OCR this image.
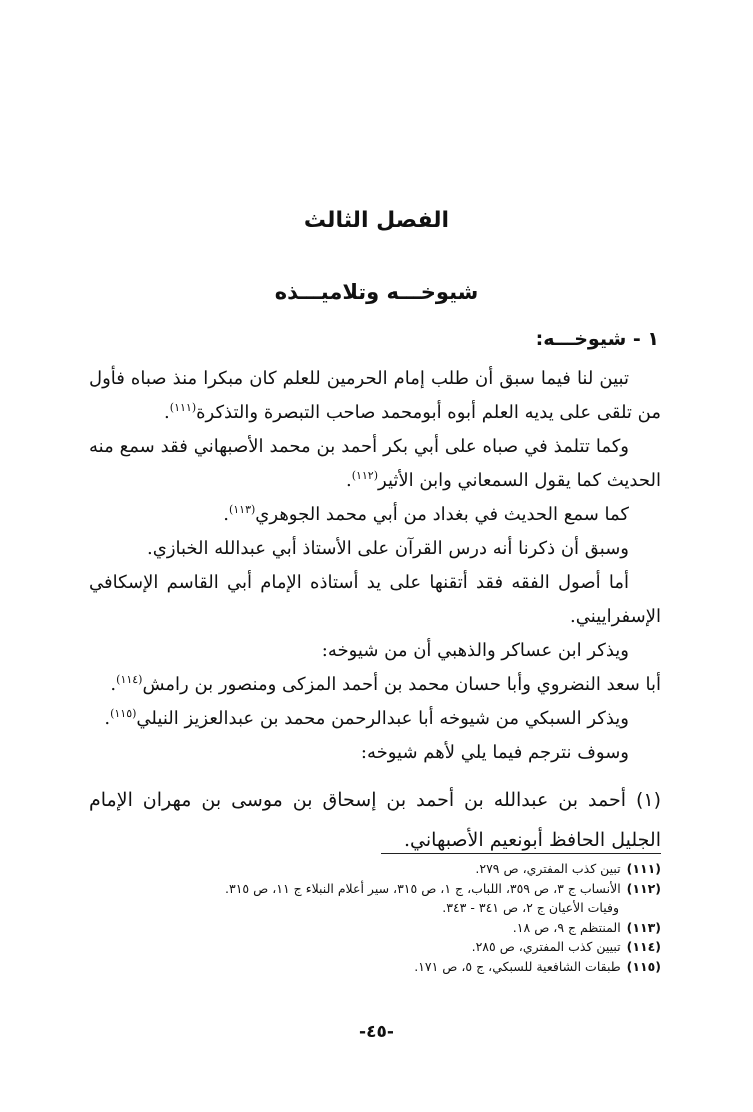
الفصل الثالث
شيوخـــه وتلاميـــذه
١ - شيوخـــه:

تبين لنا فيما سبق أن طلب إمام الحرمين للعلم كان مبكرا منذ صباه فأول من تلقى على يديه العلم أبوه أبومحمد صاحب التبصرة والتذكرة$^{(١١١)}$.

وكما تتلمذ في صباه على أبي بكر أحمد بن محمد الأصبهاني فقد سمع منه الحديث كما يقول السمعاني وابن الأثير$^{(١١٢)}$.

كما سمع الحديث في بغداد من أبي محمد الجوهري$^{(١١٣)}$.

وسبق أن ذكرنا أنه درس القرآن على الأستاذ أبي عبدالله الخبازي.

أما أصول الفقه فقد أتقنها على يد أستاذه الإمام أبي القاسم الإسكافي الإسفراييني.

ويذكر ابن عساكر والذهبي أن من شيوخه:

أبا سعد النضروي وأبا حسان محمد بن أحمد المزكى ومنصور بن رامش$^{(١١٤)}$.

ويذكر السبكي من شيوخه أبا عبدالرحمن محمد بن عبدالعزيز النيلي$^{(١١٥)}$.

وسوف نترجم فيما يلي لأهم شيوخه:

(١) أحمد بن عبدالله بن أحمد بن إسحاق بن موسى بن مهران الإمام الجليل الحافظ أبونعيم الأصبهاني.

(١١١)تبين كذب المفتري، ص ٢٧٩.

(١١٢)الأنساب ج ٣، ص ٣٥٩، اللباب، ج ١، ص ٣١٥، سير أعلام النبلاء ج ١١، ص ٣١٥.

وفيات الأعيان ج ٢، ص ٣٤١ - ٣٤٣.

(١١٣)المنتظم ج ٩، ص ١٨.

(١١٤)تبيين كذب المفتري، ص ٢٨٥.

(١١٥)طبقات الشافعية للسبكي، ج ٥، ص ١٧١.

-٤٥-
